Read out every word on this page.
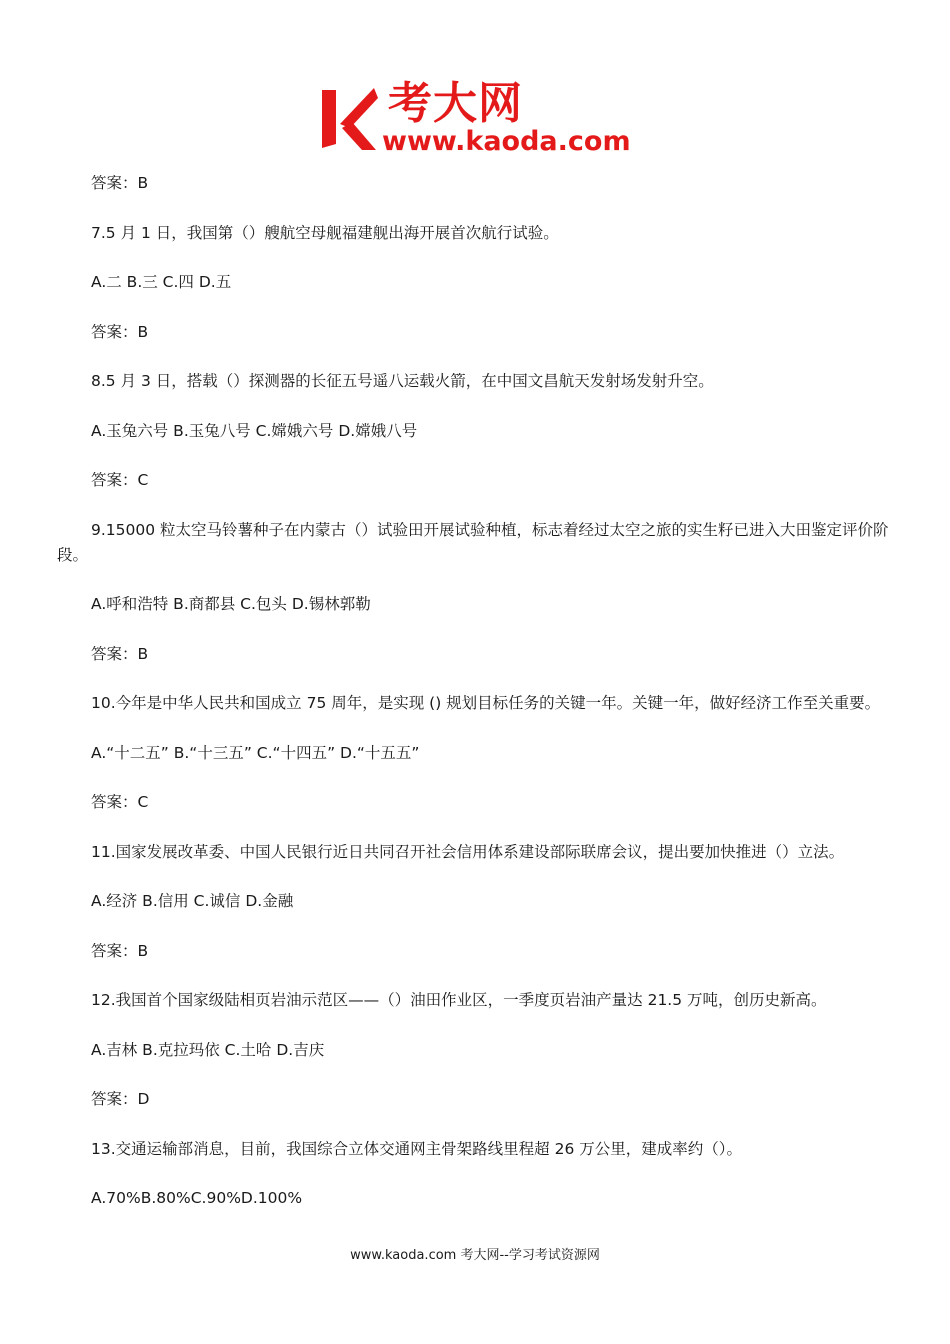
考大网
www.kaoda.com

答案：B

7.5 月 1 日，我国第（）艘航空母舰福建舰出海开展首次航行试验。

A.二 B.三 C.四 D.五

答案：B

8.5 月 3 日，搭载（）探测器的长征五号遥八运载火箭，在中国文昌航天发射场发射升空。

A.玉兔六号 B.玉兔八号 C.嫦娥六号 D.嫦娥八号

答案：C

9.15000 粒太空马铃薯种子在内蒙古（）试验田开展试验种植，标志着经过太空之旅的实生籽已进入大田鉴定评价阶段。

A.呼和浩特 B.商都县 C.包头 D.锡林郭勒

答案：B

10.今年是中华人民共和国成立 75 周年，是实现 () 规划目标任务的关键一年。关键一年，做好经济工作至关重要。

A.“十二五” B.“十三五” C.“十四五” D.“十五五”

答案：C

11.国家发展改革委、中国人民银行近日共同召开社会信用体系建设部际联席会议，提出要加快推进（）立法。

A.经济 B.信用 C.诚信 D.金融

答案：B

12.我国首个国家级陆相页岩油示范区——（）油田作业区，一季度页岩油产量达 21.5 万吨，创历史新高。

A.吉林 B.克拉玛依 C.土哈 D.吉庆

答案：D

13.交通运输部消息，目前，我国综合立体交通网主骨架路线里程超 26 万公里，建成率约（）。

A.70%B.80%C.90%D.100%

www.kaoda.com 考大网--学习考试资源网
